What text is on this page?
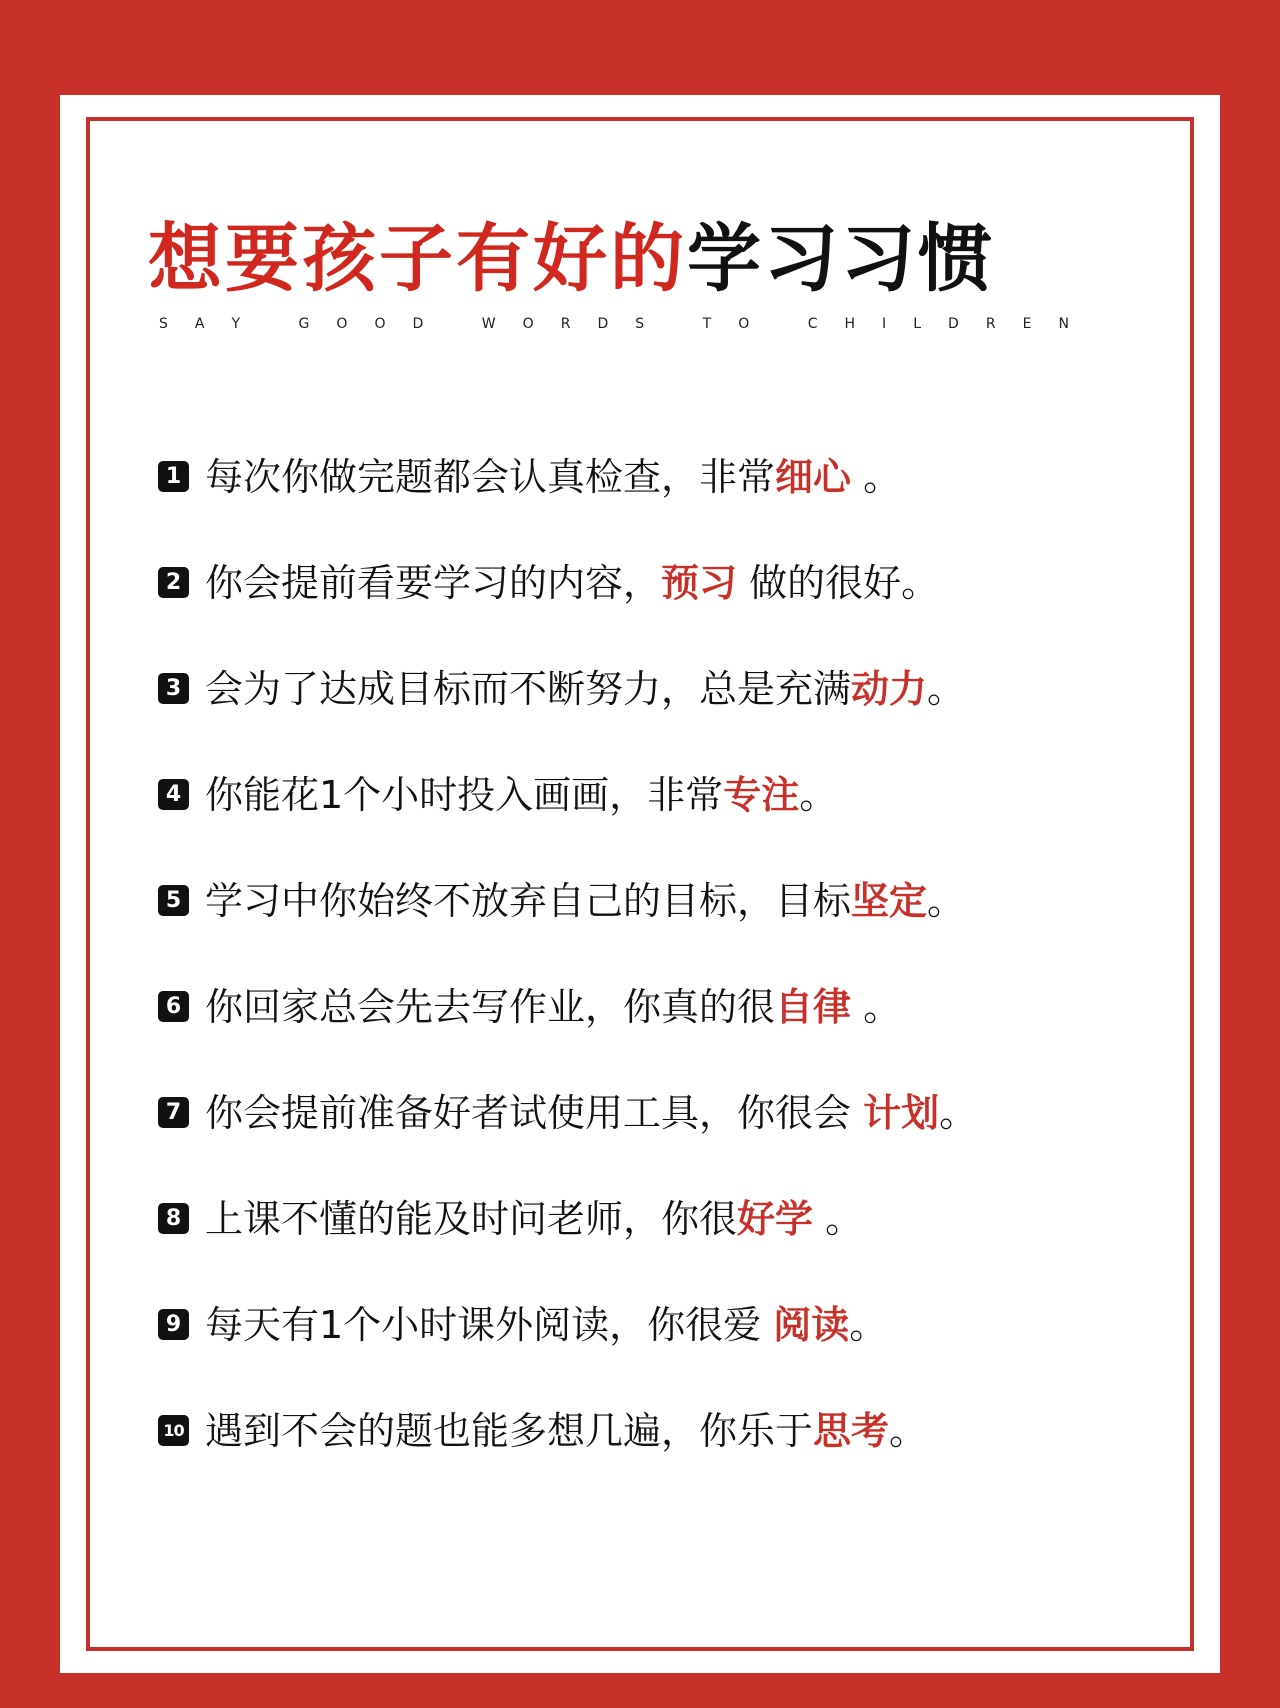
想要孩子有好的学习习惯
S A Y
	G O O D
	W O R D S
	T O
	C H I L D R E N
1 每次你做完题都会认真检查，非常细心 。
2 你会提前看要学习的内容，预习 做的很好。
3 会为了达成目标而不断努力，总是充满动力。
4 你能花1个小时投入画画，非常专注。
5 学习中你始终不放弃自己的目标，目标坚定。
6 你回家总会先去写作业，你真的很自律 。
7 你会提前准备好者试使用工具，你很会 计划。
8 上课不懂的能及时问老师，你很好学 。
9 每天有1个小时课外阅读，你很爱 阅读。
10 遇到不会的题也能多想几遍，你乐于思考。
